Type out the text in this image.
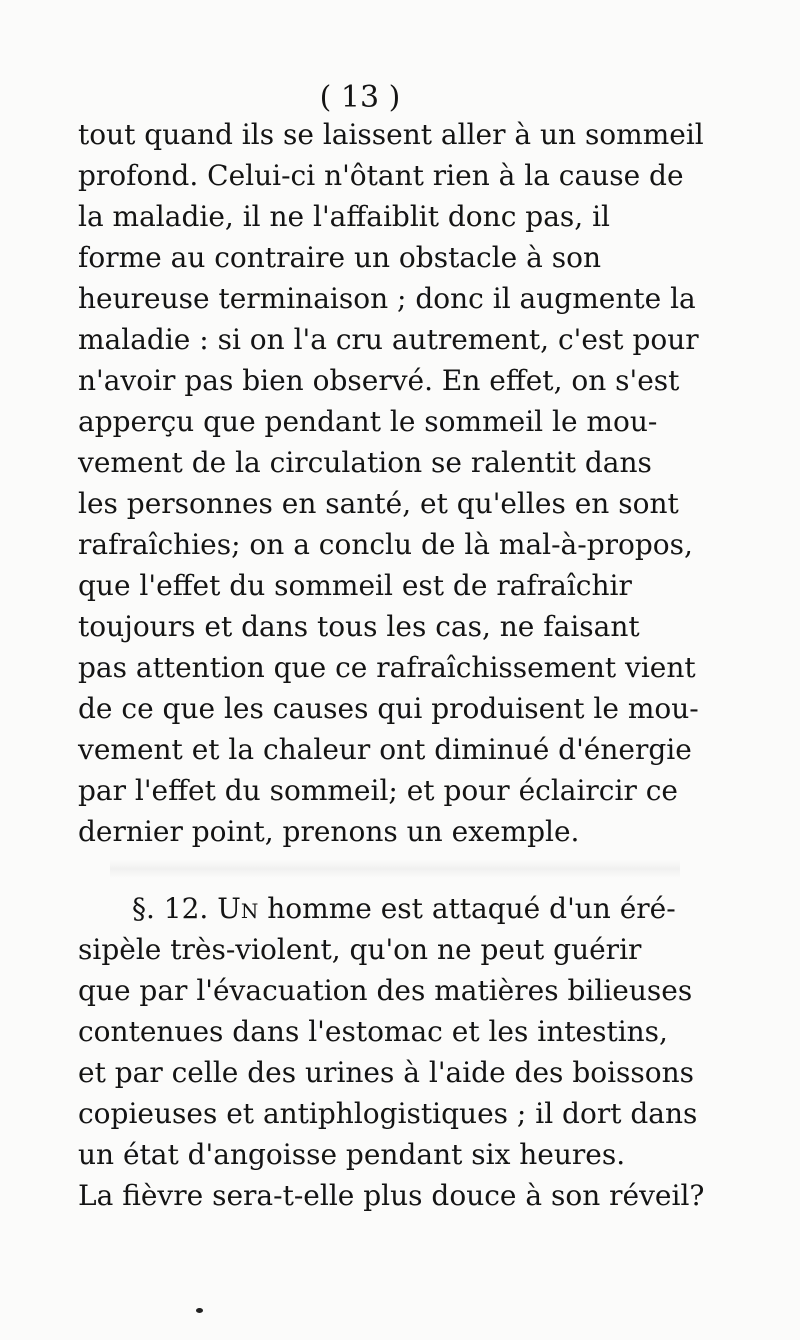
( 13 )
tout quand ils se laissent aller à un sommeil
profond. Celui-ci n'ôtant rien à la cause de
la maladie, il ne l'affaiblit donc pas, il
forme au contraire un obstacle à son
heureuse terminaison ; donc il augmente la
maladie : si on l'a cru autrement, c'est pour
n'avoir pas bien observé. En effet, on s'est
apperçu que pendant le sommeil le mou-
vement de la circulation se ralentit dans
les personnes en santé, et qu'elles en sont
rafraîchies; on a conclu de là mal-à-propos,
que l'effet du sommeil est de rafraîchir
toujours et dans tous les cas, ne faisant
pas attention que ce rafraîchissement vient
de ce que les causes qui produisent le mou-
vement et la chaleur ont diminué d'énergie
par l'effet du sommeil; et pour éclaircir ce
dernier point, prenons un exemple.
§. 12. Un homme est attaqué d'un éré-
sipèle très-violent, qu'on ne peut guérir
que par l'évacuation des matières bilieuses
contenues dans l'estomac et les intestins,
et par celle des urines à l'aide des boissons
copieuses et antiphlogistiques ; il dort dans
un état d'angoisse pendant six heures.
La fièvre sera-t-elle plus douce à son réveil?
